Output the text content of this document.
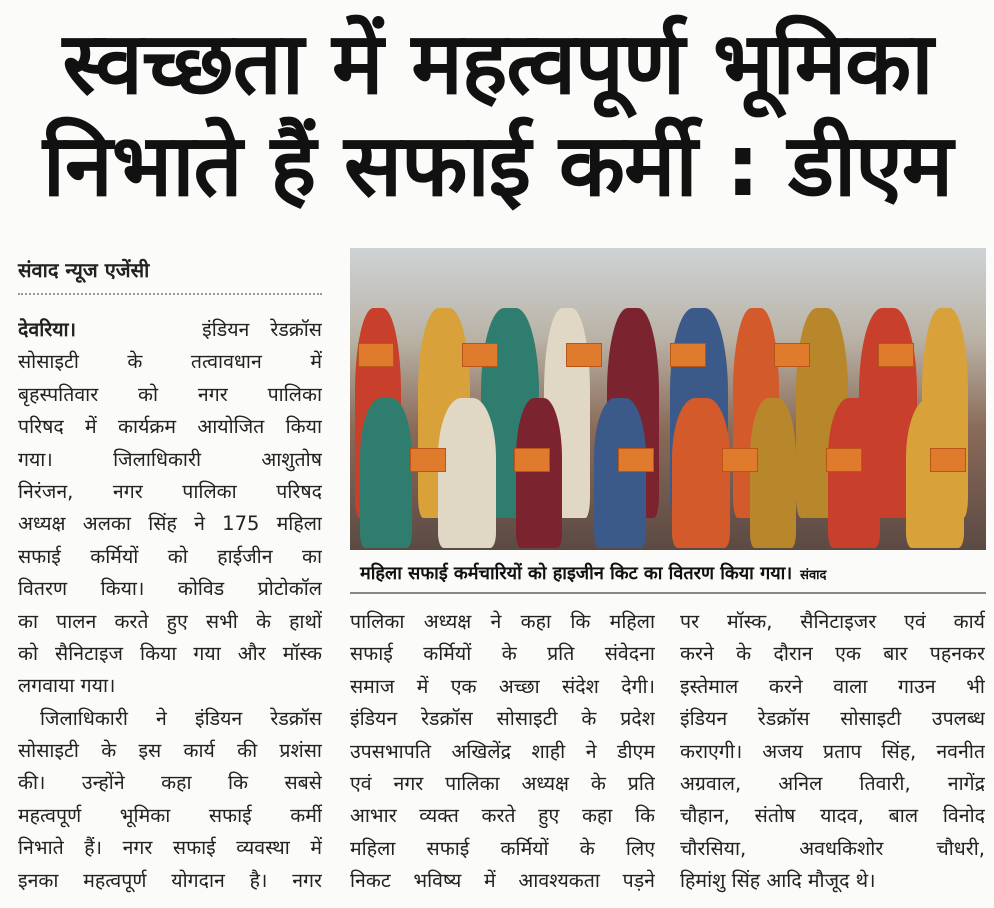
स्वच्छता में महत्वपूर्ण भूमिका
निभाते हैं सफाई कर्मी : डीएम
संवाद न्यूज एजेंसी
देवरिया।	इंडियन रेडक्रॉस
सोसाइटी के तत्वावधान में
बृहस्पतिवार को नगर पालिका
परिषद में कार्यक्रम आयोजित किया
गया। जिलाधिकारी आशुतोष
निरंजन, नगर पालिका परिषद
अध्यक्ष अलका सिंह ने 175 महिला
सफाई कर्मियों को हाईजीन का
वितरण किया। कोविड प्रोटोकॉल
का पालन करते हुए सभी के हाथों
को सैनिटाइज किया गया और मॉस्क
लगवाया गया।
जिलाधिकारी ने इंडियन रेडक्रॉस
सोसाइटी के इस कार्य की प्रशंसा
की। उन्होंने कहा कि सबसे
महत्वपूर्ण भूमिका सफाई कर्मी
निभाते हैं। नगर सफाई व्यवस्था में
इनका महत्वपूर्ण योगदान है। नगर
पालिका अध्यक्ष ने कहा कि महिला
सफाई कर्मियों के प्रति संवेदना
समाज में एक अच्छा संदेश देगी।
इंडियन रेडक्रॉस सोसाइटी के प्रदेश
उपसभापति अखिलेंद्र शाही ने डीएम
एवं नगर पालिका अध्यक्ष के प्रति
आभार व्यक्त करते हुए कहा कि
महिला सफाई कर्मियों के लिए
निकट भविष्य में आवश्यकता पड़ने
पर मॉस्क, सैनिटाइजर एवं कार्य
करने के दौरान एक बार पहनकर
इस्तेमाल करने वाला गाउन भी
इंडियन रेडक्रॉस सोसाइटी उपलब्ध
कराएगी। अजय प्रताप सिंह, नवनीत
अग्रवाल, अनिल तिवारी, नागेंद्र
चौहान, संतोष यादव, बाल विनोद
चौरसिया, अवधकिशोर चौधरी,
हिमांशु सिंह आदि मौजूद थे।
महिला सफाई कर्मचारियों को हाइजीन किट का वितरण किया गया। संवाद
